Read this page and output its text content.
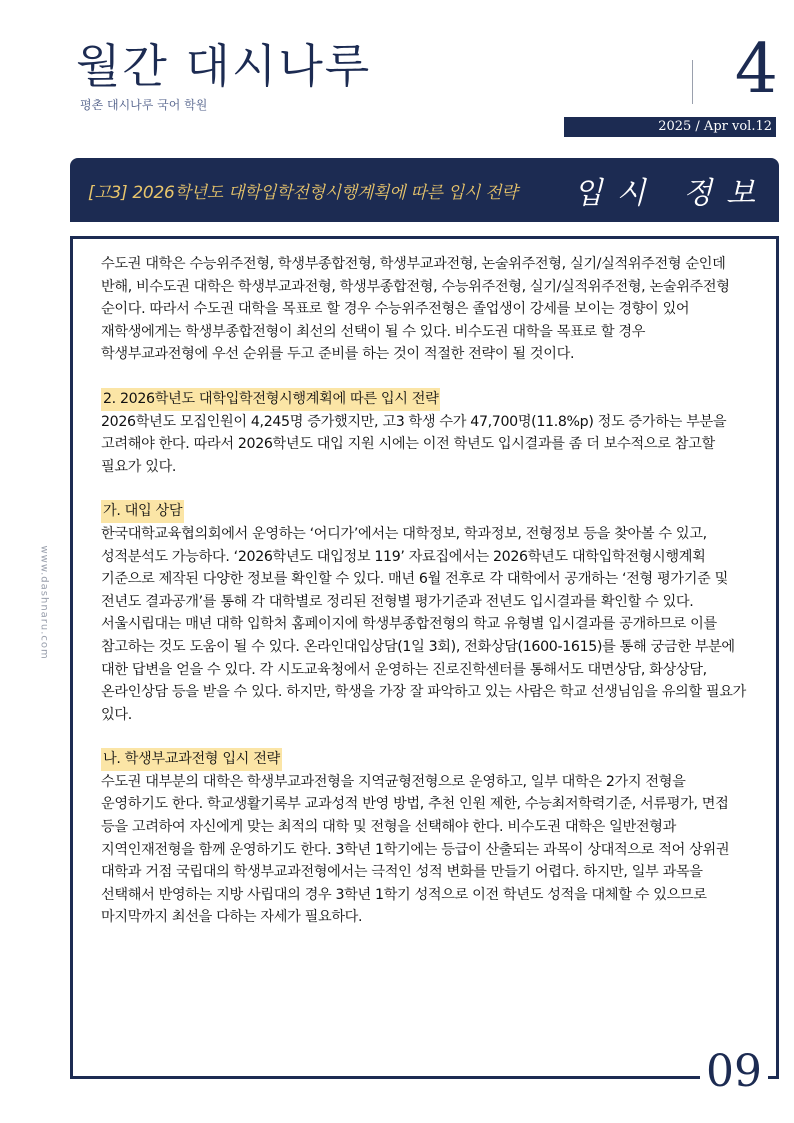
월간 대시나루
평촌 대시나루 국어 학원	4
2025 / Apr vol.12
[고3] 2026학년도 대학입학전형시행계획에 따른 입시 전략 입시 정보
www.dashnaru.com

수도권 대학은 수능위주전형, 학생부종합전형, 학생부교과전형, 논술위주전형, 실기/실적위주전형 순인데 반해, 비수도권 대학은 학생부교과전형, 학생부종합전형, 수능위주전형, 실기/실적위주전형, 논술위주전형 순이다. 따라서 수도권 대학을 목표로 할 경우 수능위주전형은 졸업생이 강세를 보이는 경향이 있어 재학생에게는 학생부종합전형이 최선의 선택이 될 수 있다. 비수도권 대학을 목표로 할 경우 학생부교과전형에 우선 순위를 두고 준비를 하는 것이 적절한 전략이 될 것이다.

2. 2026학년도 대학입학전형시행계획에 따른 입시 전략

2026학년도 모집인원이 4,245명 증가했지만, 고3 학생 수가 47,700명(11.8%p) 정도 증가하는 부분을 고려해야 한다. 따라서 2026학년도 대입 지원 시에는 이전 학년도 입시결과를 좀 더 보수적으로 참고할 필요가 있다.

가. 대입 상담

한국대학교육협의회에서 운영하는 ‘어디가’에서는 대학정보, 학과정보, 전형정보 등을 찾아볼 수 있고, 성적분석도 가능하다. ‘2026학년도 대입정보 119’ 자료집에서는 2026학년도 대학입학전형시행계획 기준으로 제작된 다양한 정보를 확인할 수 있다. 매년 6월 전후로 각 대학에서 공개하는 ‘전형 평가기준 및 전년도 결과공개’를 통해 각 대학별로 정리된 전형별 평가기준과 전년도 입시결과를 확인할 수 있다. 서울시립대는 매년 대학 입학처 홈페이지에 학생부종합전형의 학교 유형별 입시결과를 공개하므로 이를 참고하는 것도 도움이 될 수 있다. 온라인대입상담(1일 3회), 전화상담(1600-1615)를 통해 궁금한 부분에 대한 답변을 얻을 수 있다. 각 시도교육청에서 운영하는 진로진학센터를 통해서도 대면상담, 화상상담, 온라인상담 등을 받을 수 있다. 하지만, 학생을 가장 잘 파악하고 있는 사람은 학교 선생님임을 유의할 필요가 있다.

나. 학생부교과전형 입시 전략

수도권 대부분의 대학은 학생부교과전형을 지역균형전형으로 운영하고, 일부 대학은 2가지 전형을 운영하기도 한다. 학교생활기록부 교과성적 반영 방법, 추천 인원 제한, 수능최저학력기준, 서류평가, 면접 등을 고려하여 자신에게 맞는 최적의 대학 및 전형을 선택해야 한다. 비수도권 대학은 일반전형과 지역인재전형을 함께 운영하기도 한다. 3학년 1학기에는 등급이 산출되는 과목이 상대적으로 적어 상위권 대학과 거점 국립대의 학생부교과전형에서는 극적인 성적 변화를 만들기 어렵다. 하지만, 일부 과목을 선택해서 반영하는 지방 사립대의 경우 3학년 1학기 성적으로 이전 학년도 성적을 대체할 수 있으므로 마지막까지 최선을 다하는 자세가 필요하다.

09
